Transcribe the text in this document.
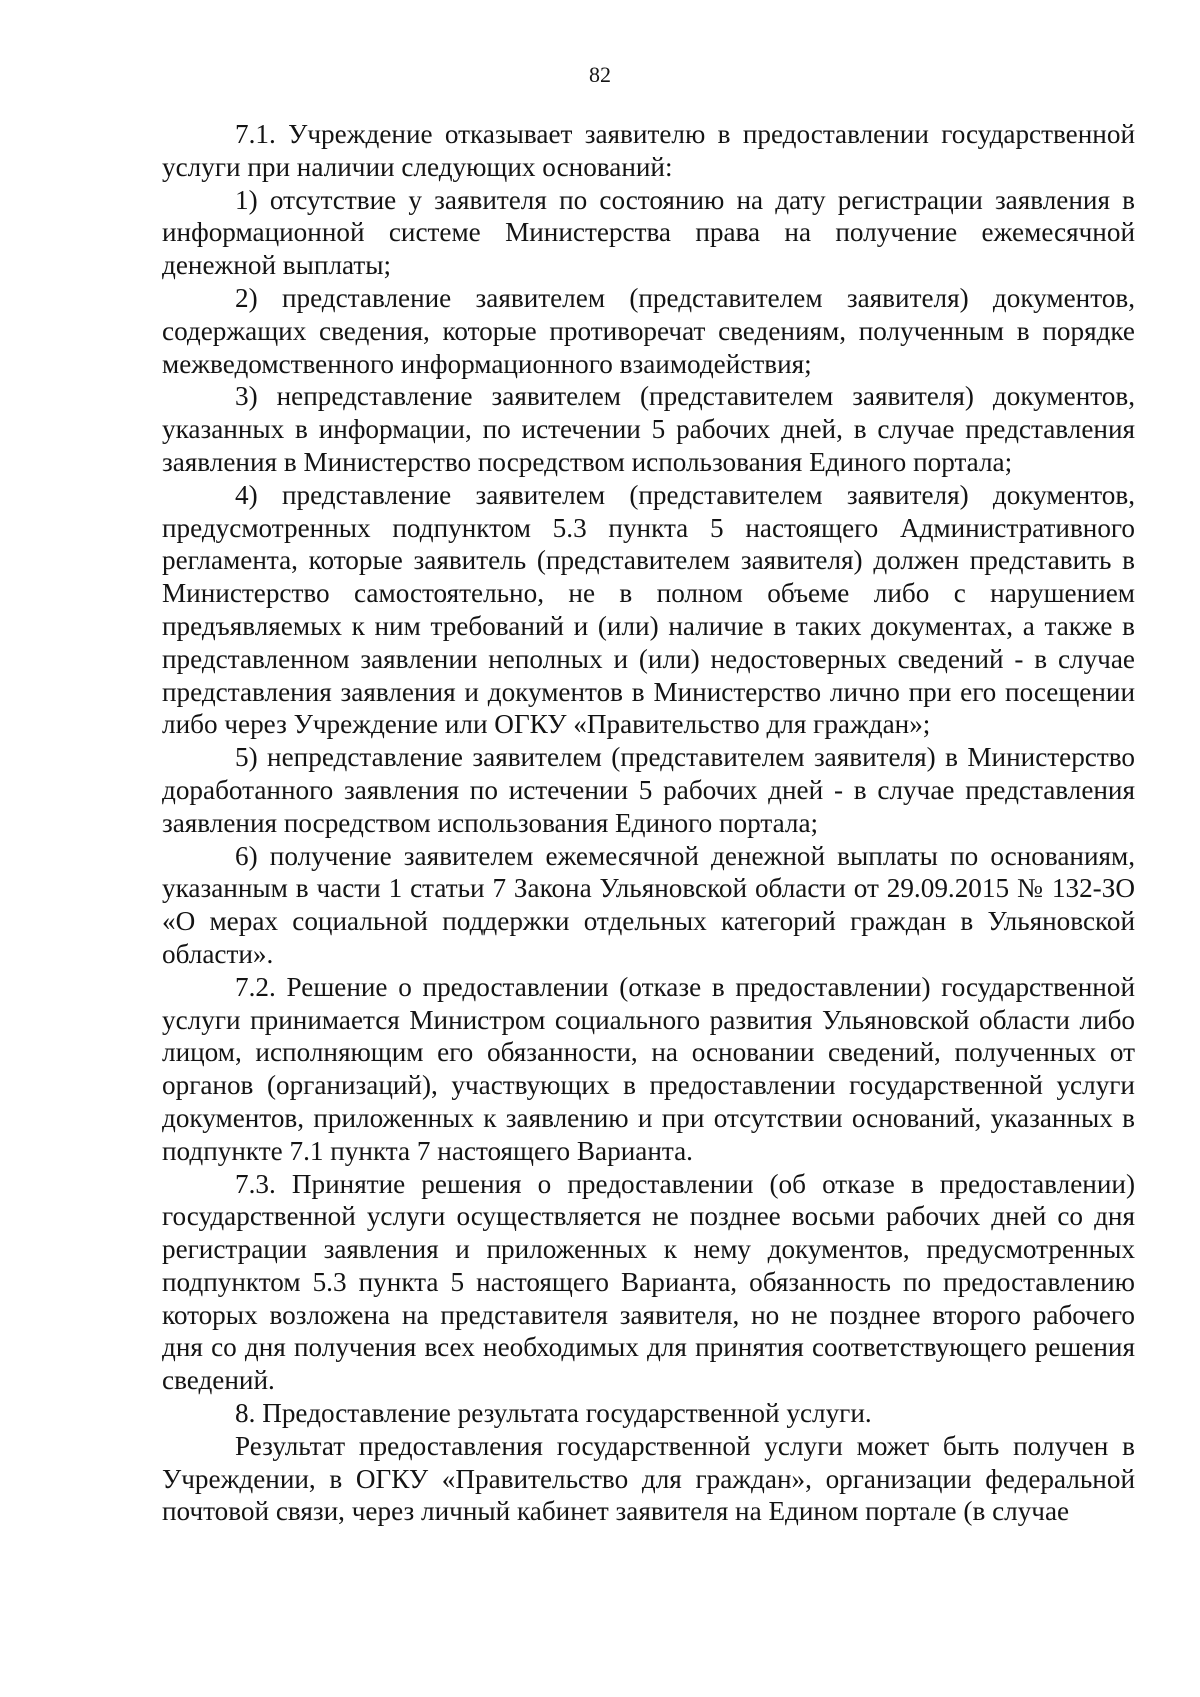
82

7.1. Учреждение отказывает заявителю в предоставлении государственной услуги при наличии следующих оснований:

1) отсутствие у заявителя по состоянию на дату регистрации заявления в информационной системе Министерства права на получение ежемесячной денежной выплаты;

2) представление заявителем (представителем заявителя) документов, содержащих сведения, которые противоречат сведениям, полученным в порядке межведомственного информационного взаимодействия;

3) непредставление заявителем (представителем заявителя) документов, указанных в информации, по истечении 5 рабочих дней, в случае представления заявления в Министерство посредством использования Единого портала;

4) представление заявителем (представителем заявителя) документов, предусмотренных подпунктом 5.3 пункта 5 настоящего Административного регламента, которые заявитель (представителем заявителя) должен представить в Министерство самостоятельно, не в полном объеме либо с нарушением предъявляемых к ним требований и (или) наличие в таких документах, а также в представленном заявлении неполных и (или) недостоверных сведений - в случае представления заявления и документов в Министерство лично при его посещении либо через Учреждение или ОГКУ «Правительство для граждан»;

5) непредставление заявителем (представителем заявителя) в Министерство доработанного заявления по истечении 5 рабочих дней - в случае представления заявления посредством использования Единого портала;

6) получение заявителем ежемесячной денежной выплаты по основаниям, указанным в части 1 статьи 7 Закона Ульяновской области от 29.09.2015 № 132-ЗО «О мерах социальной поддержки отдельных категорий граждан в Ульяновской области».

7.2. Решение о предоставлении (отказе в предоставлении) государственной услуги принимается Министром социального развития Ульяновской области либо лицом, исполняющим его обязанности, на основании сведений, полученных от органов (организаций), участвующих в предоставлении государственной услуги документов, приложенных к заявлению и при отсутствии оснований, указанных в подпункте 7.1 пункта 7 настоящего Варианта.

7.3. Принятие решения о предоставлении (об отказе в предоставлении) государственной услуги осуществляется не позднее восьми рабочих дней со дня регистрации заявления и приложенных к нему документов, предусмотренных подпунктом 5.3 пункта 5 настоящего Варианта, обязанность по предоставлению которых возложена на представителя заявителя, но не позднее второго рабочего дня со дня получения всех необходимых для принятия соответствующего решения сведений.

8. Предоставление результата государственной услуги.

Результат предоставления государственной услуги может быть получен в Учреждении, в ОГКУ «Правительство для граждан», организации федеральной почтовой связи, через личный кабинет заявителя на Едином портале (в случае
